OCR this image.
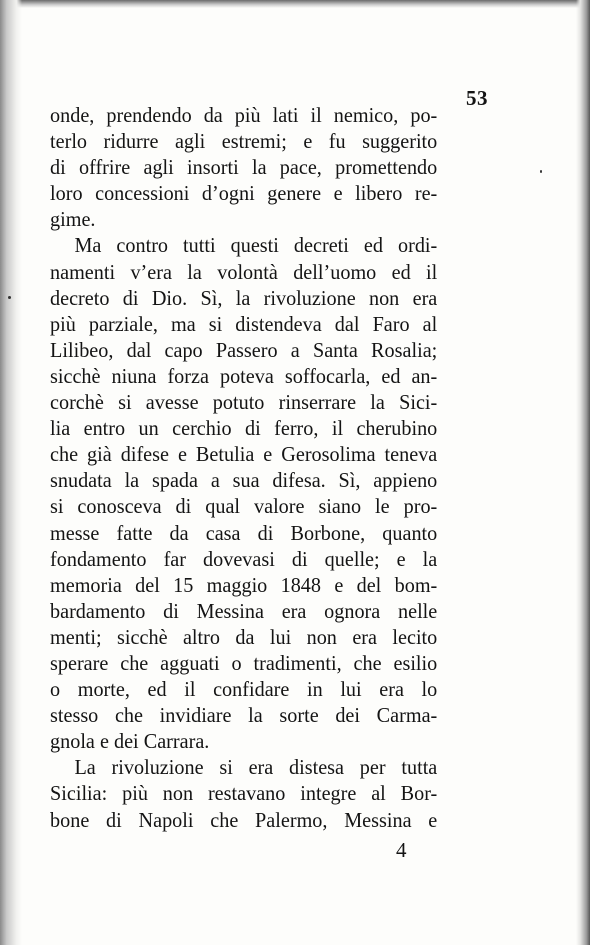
53
onde, prendendo da più lati il nemico, po-
terlo ridurre agli estremi; e fu suggerito
di offrire agli insorti la pace, promettendo
loro concessioni d’ogni genere e libero re-
gime.
Ma contro tutti questi decreti ed ordi-
namenti v’era la volontà dell’uomo ed il
decreto di Dio. Sì, la rivoluzione non era
più parziale, ma si distendeva dal Faro al
Lilibeo, dal capo Passero a Santa Rosalia;
sicchè niuna forza poteva soffocarla, ed an-
corchè si avesse potuto rinserrare la Sici-
lia entro un cerchio di ferro, il cherubino
che già difese e Betulia e Gerosolima teneva
snudata la spada a sua difesa. Sì, appieno
si conosceva di qual valore siano le pro-
messe fatte da casa di Borbone, quanto
fondamento far dovevasi di quelle; e la
memoria del 15 maggio 1848 e del bom-
bardamento di Messina era ognora nelle
menti; sicchè altro da lui non era lecito
sperare che agguati o tradimenti, che esilio
o morte, ed il confidare in lui era lo
stesso che invidiare la sorte dei Carma-
gnola e dei Carrara.
La rivoluzione si era distesa per tutta
Sicilia: più non restavano integre al Bor-
bone di Napoli che Palermo, Messina e
4
